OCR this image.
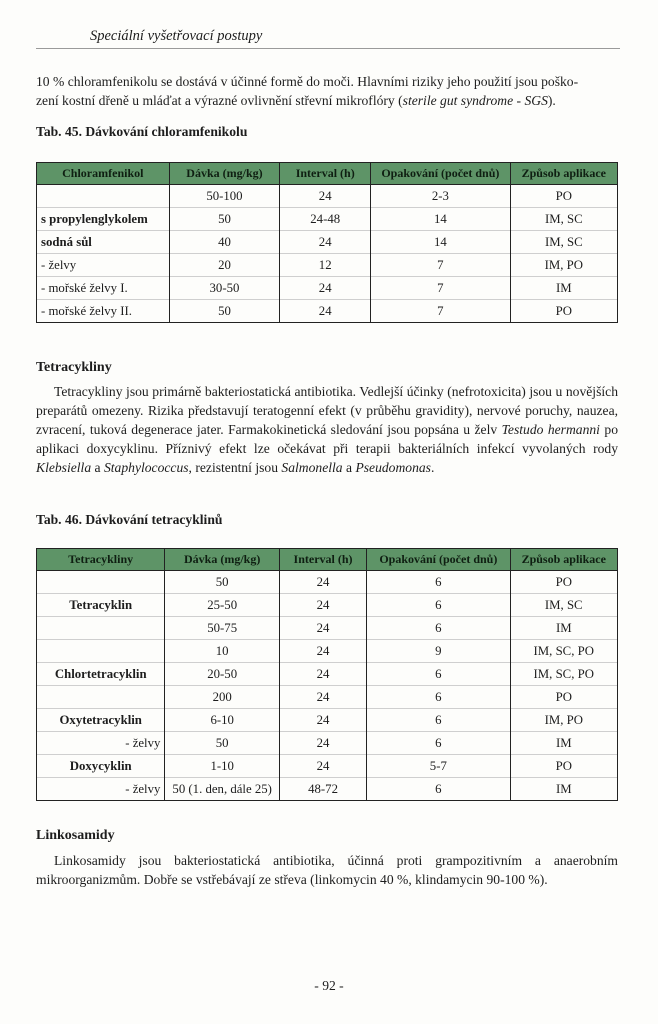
Speciální vyšetřovací postupy

10 % chloramfenikolu se dostává v účinné formě do moči. Hlavními riziky jeho použití jsou poško-

zení kostní dřeně u mláďat a výrazné ovlivnění střevní mikroflóry (sterile gut syndrome - SGS).

Tab. 45. Dávkování chloramfenikolu
Chloramfenikol	Dávka (mg/kg)	Interval (h)	Opakování (počet dnů)	Způsob aplikace
	50-100	24	2-3	PO
s propylenglykolem	50	24-48	14	IM, SC
sodná sůl	40	24	14	IM, SC
- želvy	20	12	7	IM, PO
- mořské želvy I.	30-50	24	7	IM
- mořské želvy II.	50	24	7	PO
Tetracykliny
Tetracykliny jsou primárně bakteriostatická antibiotika. Vedlejší účinky (nefrotoxicita) jsou u novějších preparátů omezeny. Rizika představují teratogenní efekt (v průběhu gravidity), nervové poruchy, nauzea, zvracení, tuková degenerace jater. Farmakokinetická sledování jsou popsána u želv Testudo hermanni po aplikaci doxycyklinu. Příznivý efekt lze očekávat při terapii bakteriálních infekcí vyvolaných rody Klebsiella a Staphylococcus, rezistentní jsou Salmonella a Pseudomonas.
Tab. 46. Dávkování tetracyklinů
Tetracykliny	Dávka (mg/kg)	Interval (h)	Opakování (počet dnů)	Způsob aplikace
	50	24	6	PO
Tetracyklin	25-50	24	6	IM, SC
	50-75	24	6	IM
	10	24	9	IM, SC, PO
Chlortetracyklin	20-50	24	6	IM, SC, PO
	200	24	6	PO
Oxytetracyklin	6-10	24	6	IM, PO
- želvy	50	24	6	IM
Doxycyklin	1-10	24	5-7	PO
- želvy	50 (1. den, dále 25)	48-72	6	IM
Linkosamidy
Linkosamidy jsou bakteriostatická antibiotika, účinná proti grampozitivním a anaerobním mikroorganizmům. Dobře se vstřebávají ze střeva (linkomycin 40 %, klindamycin 90-100 %).
- 92 -
